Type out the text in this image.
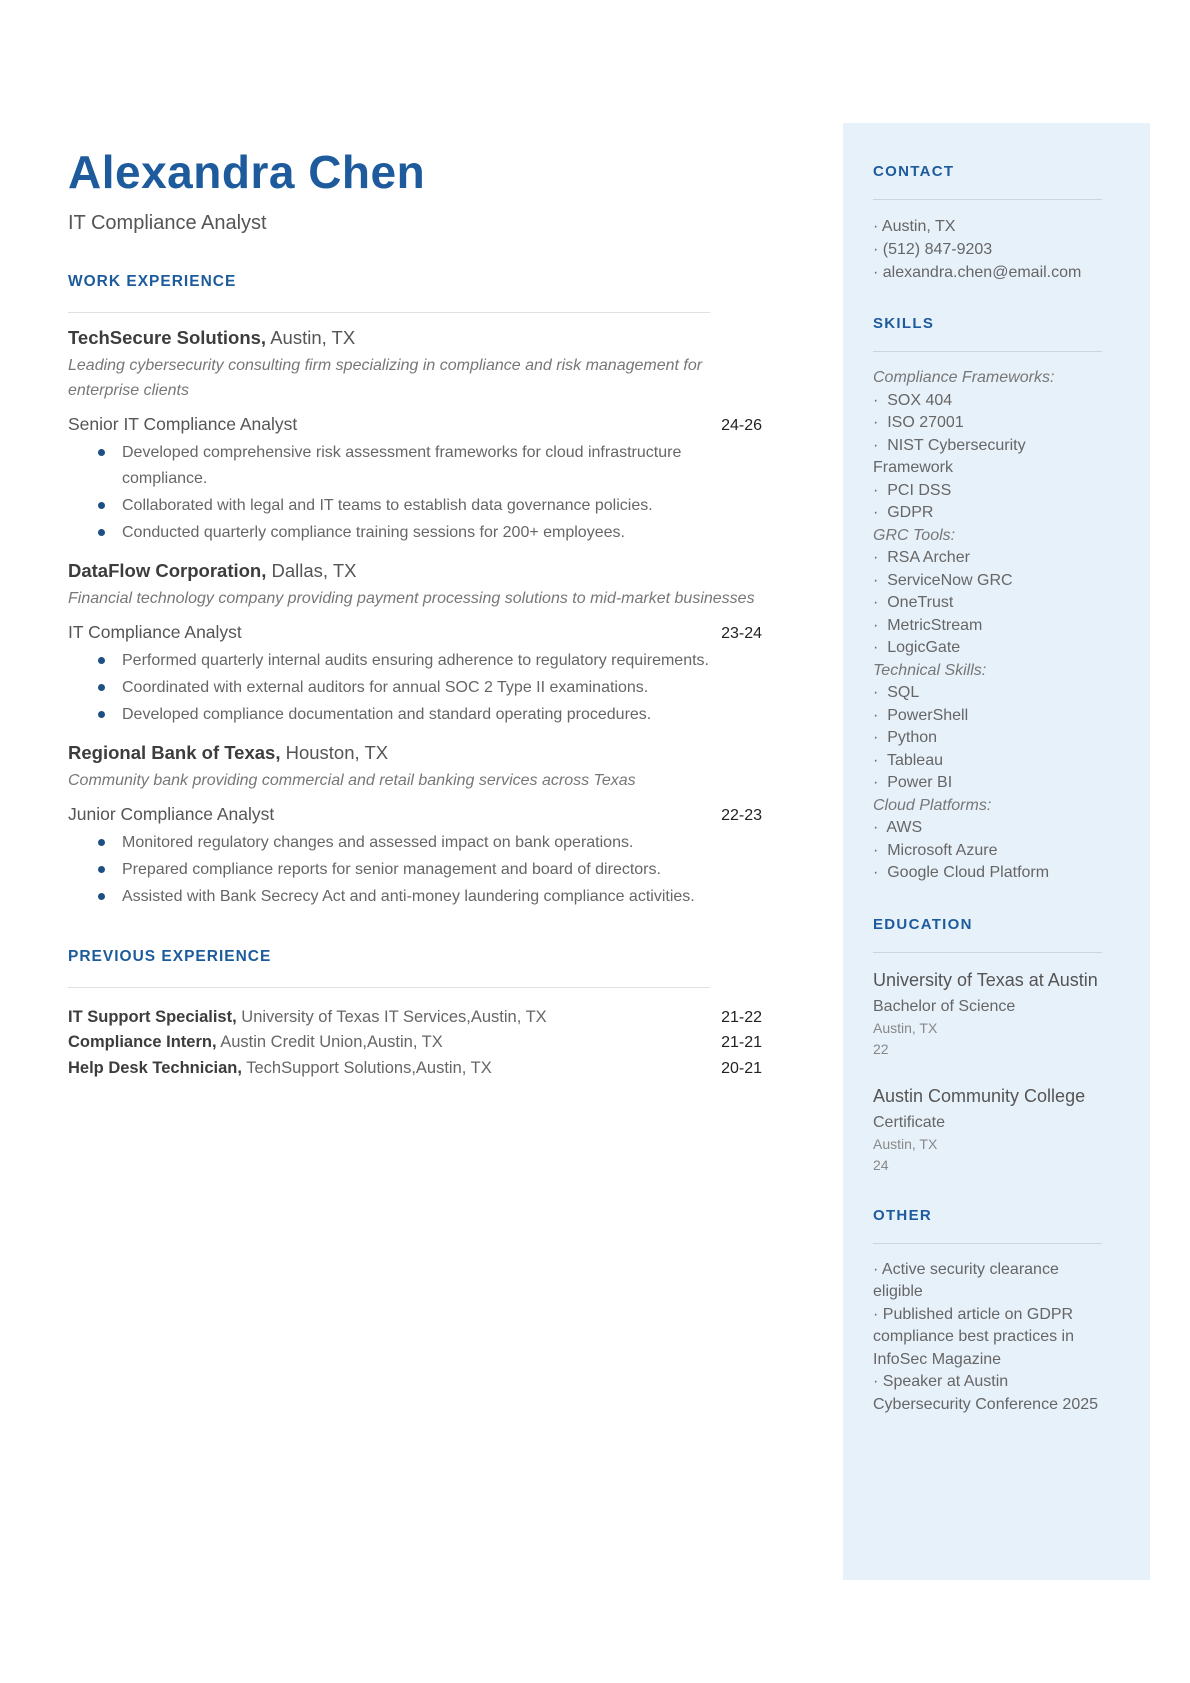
Alexandra Chen
IT Compliance Analyst
WORK EXPERIENCE
TechSecure Solutions, Austin, TX
Leading cybersecurity consulting firm specializing in compliance and risk management for enterprise clients
Senior IT Compliance Analyst	24-26
Developed comprehensive risk assessment frameworks for cloud infrastructure compliance.
Collaborated with legal and IT teams to establish data governance policies.
Conducted quarterly compliance training sessions for 200+ employees.
DataFlow Corporation, Dallas, TX
Financial technology company providing payment processing solutions to mid-market businesses
IT Compliance Analyst	23-24
Performed quarterly internal audits ensuring adherence to regulatory requirements.
Coordinated with external auditors for annual SOC 2 Type II examinations.
Developed compliance documentation and standard operating procedures.
Regional Bank of Texas, Houston, TX
Community bank providing commercial and retail banking services across Texas
Junior Compliance Analyst	22-23
Monitored regulatory changes and assessed impact on bank operations.
Prepared compliance reports for senior management and board of directors.
Assisted with Bank Secrecy Act and anti-money laundering compliance activities.
PREVIOUS EXPERIENCE
IT Support Specialist, University of Texas IT Services,Austin, TX	21-22
Compliance Intern, Austin Credit Union,Austin, TX	21-21
Help Desk Technician, TechSupport Solutions,Austin, TX	20-21
CONTACT
· Austin, TX
· (512) 847-9203
· alexandra.chen@email.com
SKILLS
Compliance Frameworks:
· SOX 404
· ISO 27001
· NIST Cybersecurity Framework
· PCI DSS
· GDPR
GRC Tools:
· RSA Archer
· ServiceNow GRC
· OneTrust
· MetricStream
· LogicGate
Technical Skills:
· SQL
· PowerShell
· Python
· Tableau
· Power BI
Cloud Platforms:
· AWS
· Microsoft Azure
· Google Cloud Platform
EDUCATION
University of Texas at Austin
Bachelor of Science
Austin, TX
22
Austin Community College
Certificate
Austin, TX
24
OTHER
· Active security clearance eligible
· Published article on GDPR compliance best practices in InfoSec Magazine
· Speaker at Austin Cybersecurity Conference 2025
